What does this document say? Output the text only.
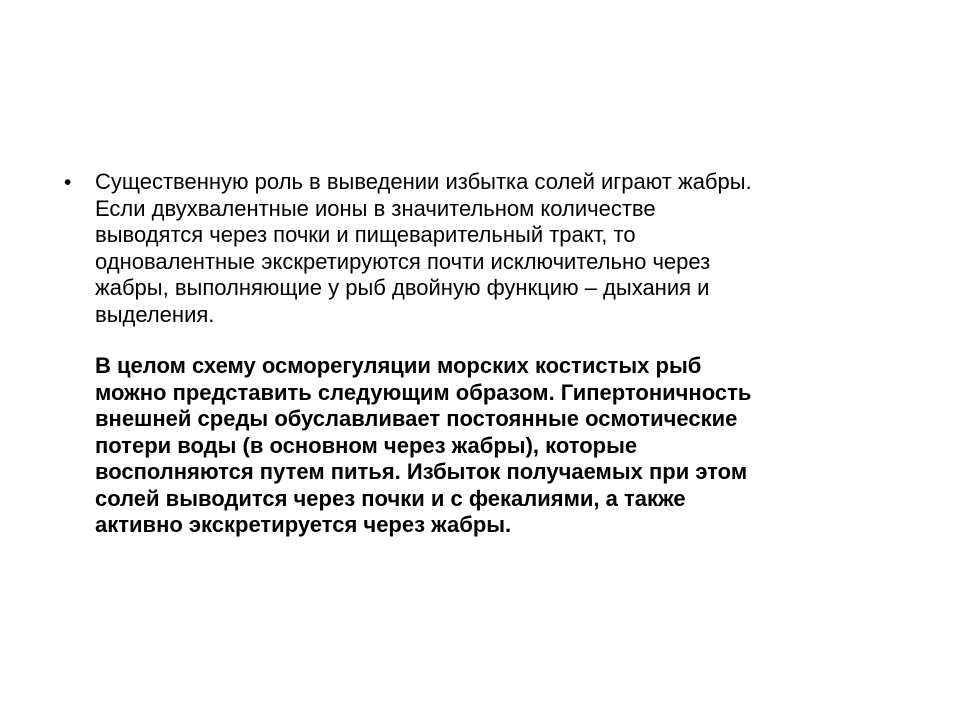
• Существенную роль в выведении избытка солей играют жабры.
Если двухвалентные ионы в значительном количестве
выводятся через почки и пищеварительный тракт, то
одновалентные экскретируются почти исключительно через
жабры, выполняющие у рыб двойную функцию – дыхания и
выделения.
В целом схему осморегуляции морских костистых рыб
можно представить следующим образом. Гипертоничность
внешней среды обуславливает постоянные осмотические
потери воды (в основном через жабры), которые
восполняются путем питья. Избыток получаемых при этом
солей выводится через почки и с фекалиями, а также
активно экскретируется через жабры.
